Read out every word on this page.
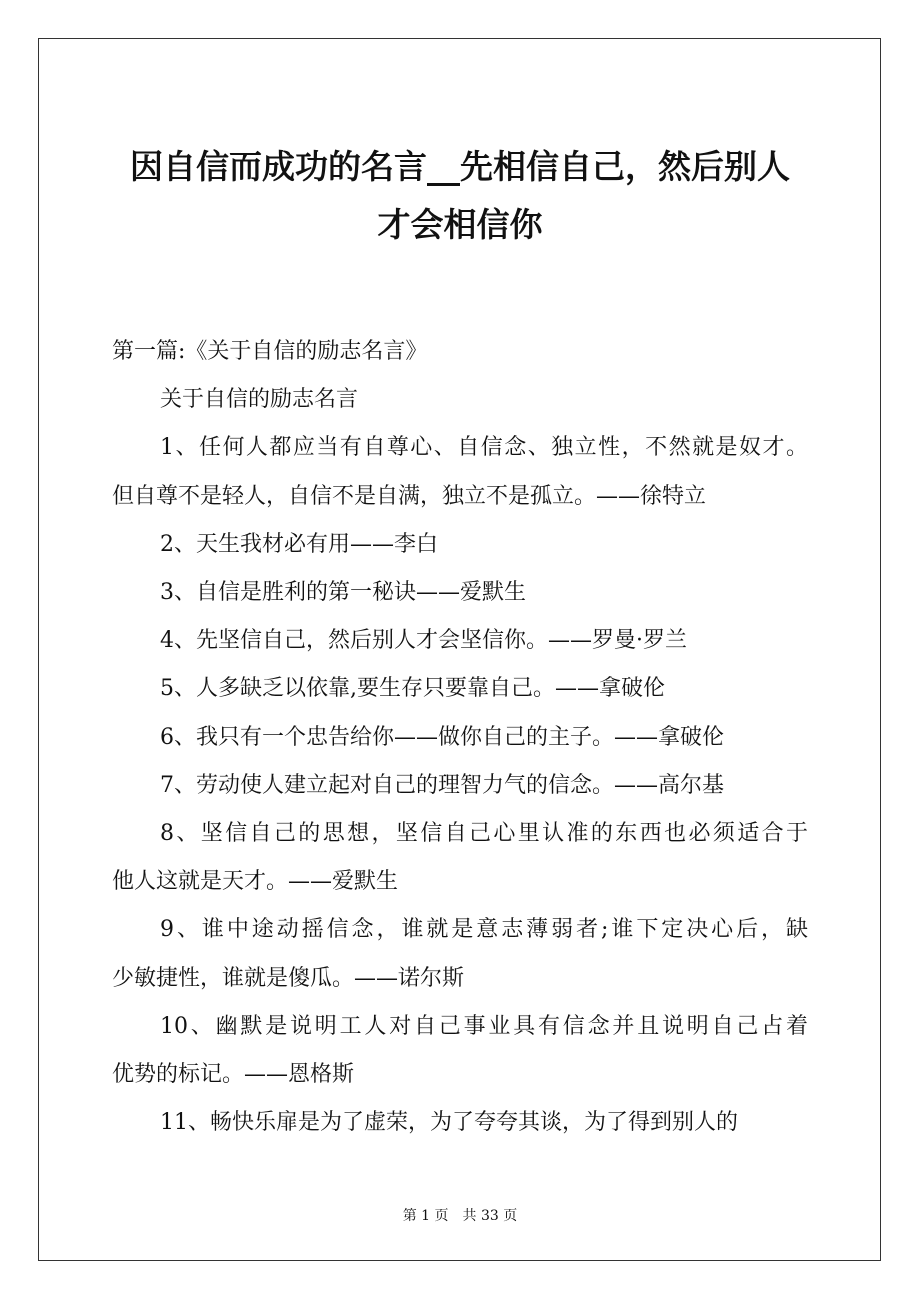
因自信而成功的名言__先相信自己，然后别人
才会相信你
第一篇:《关于自信的励志名言》
关于自信的励志名言
1、任何人都应当有自尊心、自信念、独立性，不然就是奴才。
但自尊不是轻人，自信不是自满，独立不是孤立。——徐特立
2、天生我材必有用——李白
3、自信是胜利的第一秘诀——爱默生
4、先坚信自己，然后别人才会坚信你。——罗曼·罗兰
5、人多缺乏以依靠,要生存只要靠自己。——拿破伦
6、我只有一个忠告给你——做你自己的主子。——拿破伦
7、劳动使人建立起对自己的理智力气的信念。——高尔基
8、坚信自己的思想，坚信自己心里认准的东西也必须适合于
他人这就是天才。——爱默生
9、谁中途动摇信念，谁就是意志薄弱者;谁下定决心后，缺
少敏捷性，谁就是傻瓜。——诺尔斯
10、幽默是说明工人对自己事业具有信念并且说明自己占着
优势的标记。——恩格斯
11、畅快乐扉是为了虚荣，为了夸夸其谈，为了得到别人的
第 1 页　共 33 页
